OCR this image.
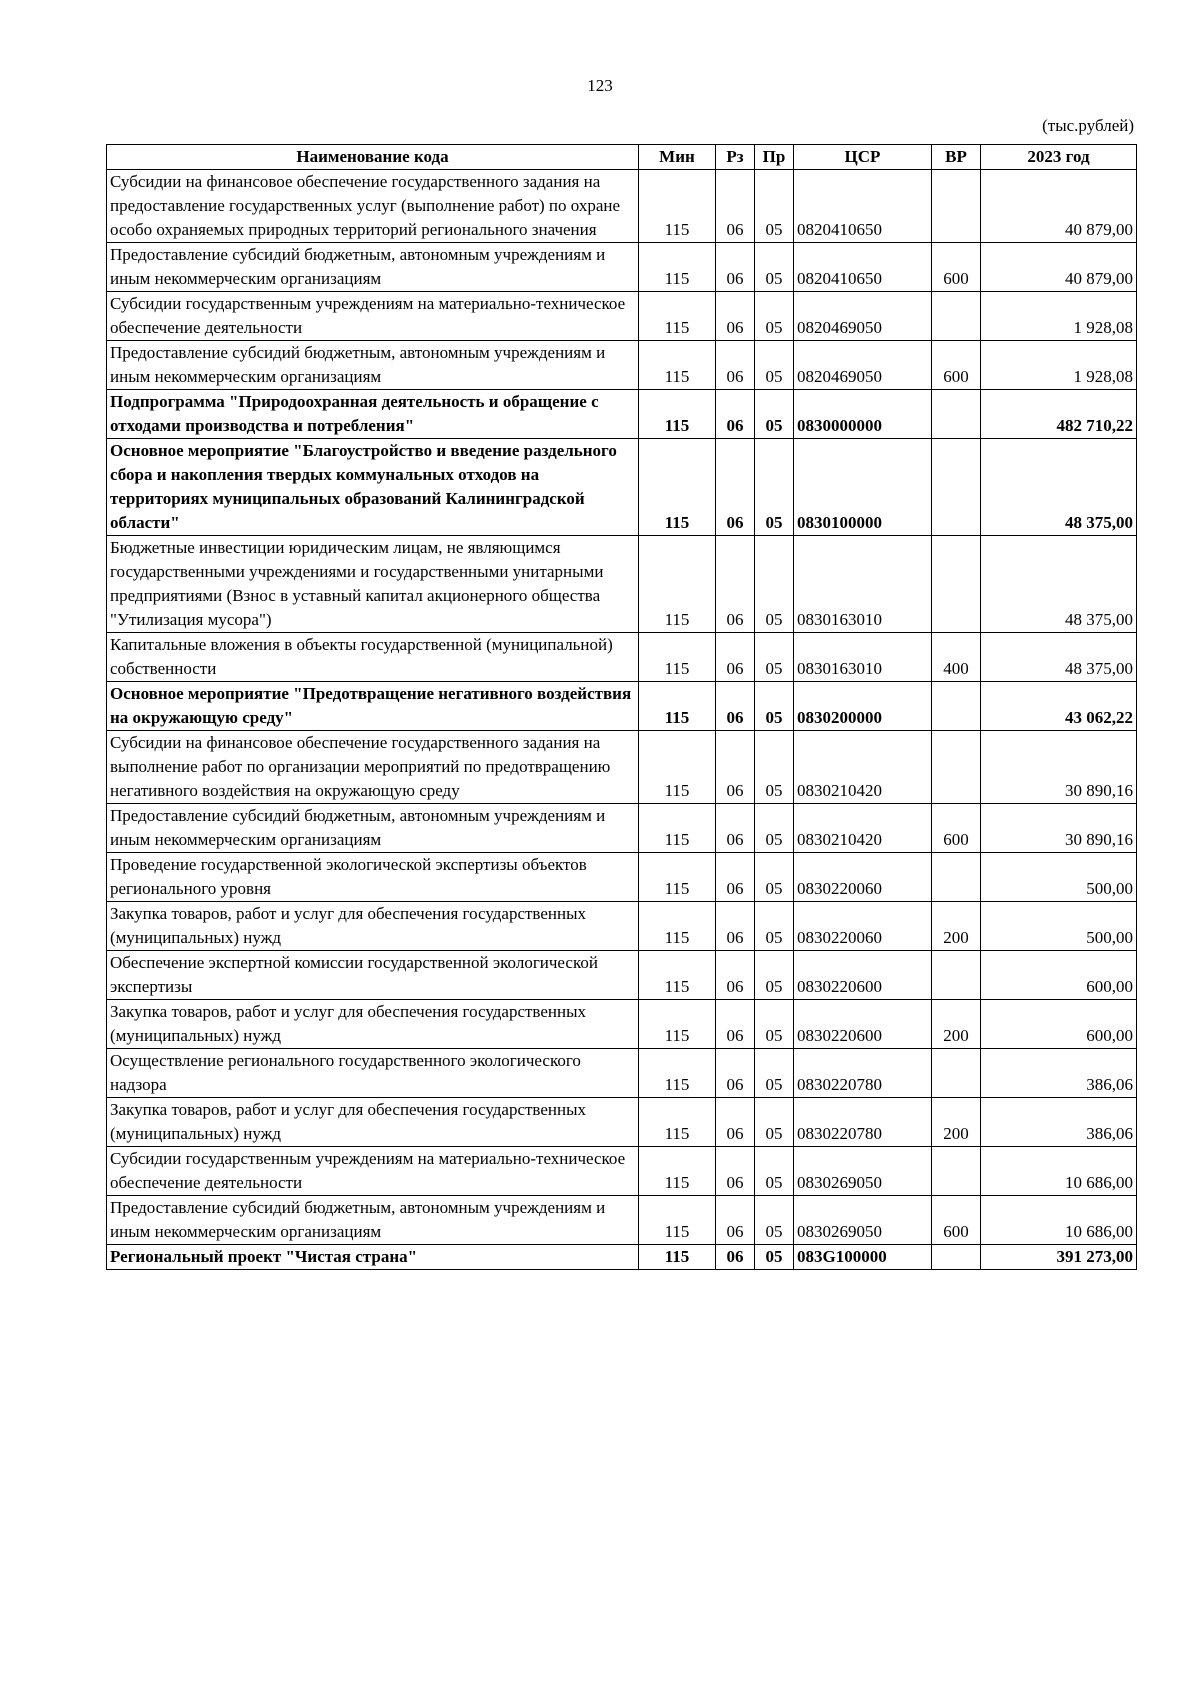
123
(тыс.рублей)
Наименование кода	Мин	Рз	Пр	ЦСР	ВР	2023 год
Субсидии на финансовое обеспечение государственного задания на предоставление государственных услуг (выполнение работ) по охране особо охраняемых природных территорий регионального значения	115	06	05	0820410650		40 879,00
Предоставление субсидий бюджетным, автономным учреждениям и иным некоммерческим организациям	115	06	05	0820410650	600	40 879,00
Субсидии государственным учреждениям на материально-техническое обеспечение деятельности	115	06	05	0820469050		1 928,08
Предоставление субсидий бюджетным, автономным учреждениям и иным некоммерческим организациям	115	06	05	0820469050	600	1 928,08
Подпрограмма "Природоохранная деятельность и обращение с отходами производства и потребления"	115	06	05	0830000000		482 710,22
Основное мероприятие "Благоустройство и введение раздельного сбора и накопления твердых коммунальных отходов на территориях муниципальных образований Калининградской области"	115	06	05	0830100000		48 375,00
Бюджетные инвестиции юридическим лицам, не являющимся государственными учреждениями и государственными унитарными предприятиями (Взнос в уставный капитал акционерного общества "Утилизация мусора")	115	06	05	0830163010		48 375,00
Капитальные вложения в объекты государственной (муниципальной) собственности	115	06	05	0830163010	400	48 375,00
Основное мероприятие "Предотвращение негативного воздействия на окружающую среду"	115	06	05	0830200000		43 062,22
Субсидии на финансовое обеспечение государственного задания на выполнение работ по организации мероприятий по предотвращению негативного воздействия на окружающую среду	115	06	05	0830210420		30 890,16
Предоставление субсидий бюджетным, автономным учреждениям и иным некоммерческим организациям	115	06	05	0830210420	600	30 890,16
Проведение государственной экологической экспертизы объектов регионального уровня	115	06	05	0830220060		500,00
Закупка товаров, работ и услуг для обеспечения государственных (муниципальных) нужд	115	06	05	0830220060	200	500,00
Обеспечение экспертной комиссии государственной экологической экспертизы	115	06	05	0830220600		600,00
Закупка товаров, работ и услуг для обеспечения государственных (муниципальных) нужд	115	06	05	0830220600	200	600,00
Осуществление регионального государственного экологического надзора	115	06	05	0830220780		386,06
Закупка товаров, работ и услуг для обеспечения государственных (муниципальных) нужд	115	06	05	0830220780	200	386,06
Субсидии государственным учреждениям на материально-техническое обеспечение деятельности	115	06	05	0830269050		10 686,00
Предоставление субсидий бюджетным, автономным учреждениям и иным некоммерческим организациям	115	06	05	0830269050	600	10 686,00
Региональный проект "Чистая страна"	115	06	05	083G100000		391 273,00
